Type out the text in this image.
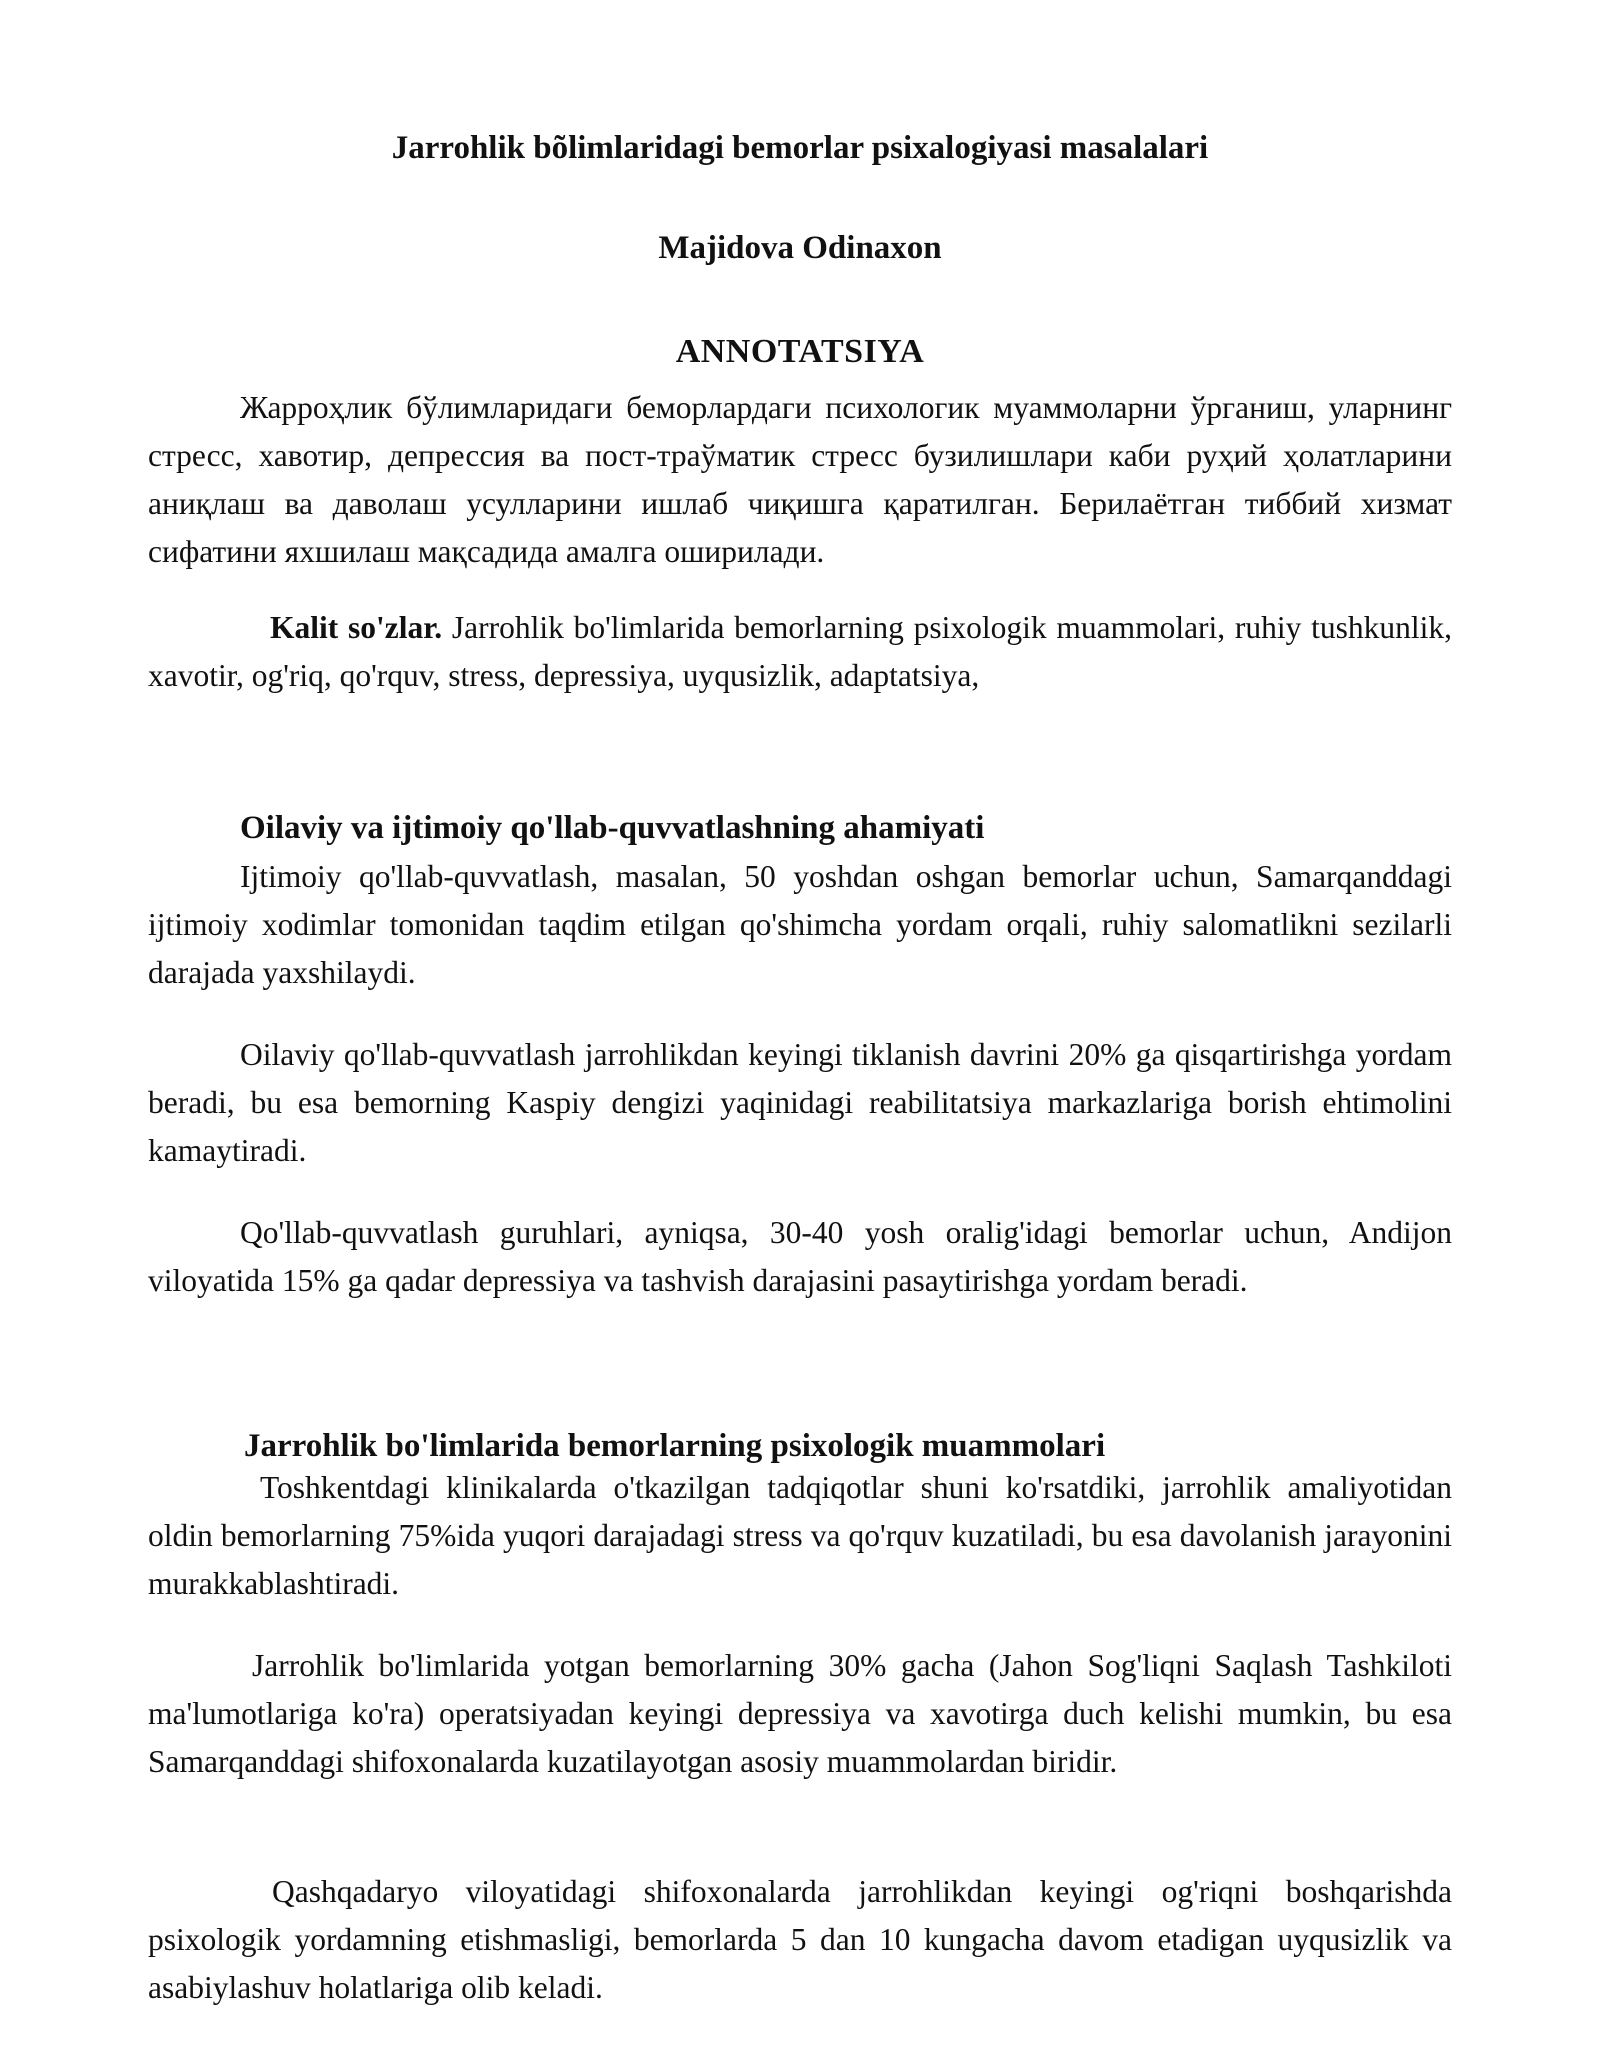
Jarrohlik bõlimlaridagi bemorlar psixalogiyasi masalalari
Majidova Odinaxon
ANNOTATSIYA

Жарроҳлик бўлимларидаги беморлардаги психологик муаммоларни ўрганиш, уларнинг стресс, хавотир, депрессия ва пост-траўматик стресс бузилишлари каби руҳий ҳолатларини аниқлаш ва даволаш усулларини ишлаб чиқишга қаратилган. Берилаётган тиббий хизмат сифатини яхшилаш мақсадида амалга оширилади.

Kalit so'zlar. Jarrohlik bo'limlarida bemorlarning psixologik muammolari, ruhiy tushkunlik, xavotir, og'riq, qo'rquv, stress, depressiya, uyqusizlik, adaptatsiya,

Oilaviy va ijtimoiy qo'llab-quvvatlashning ahamiyati

Ijtimoiy qo'llab-quvvatlash, masalan, 50 yoshdan oshgan bemorlar uchun, Samarqanddagi ijtimoiy xodimlar tomonidan taqdim etilgan qo'shimcha yordam orqali, ruhiy salomatlikni sezilarli darajada yaxshilaydi.

Oilaviy qo'llab-quvvatlash jarrohlikdan keyingi tiklanish davrini 20% ga qisqartirishga yordam beradi, bu esa bemorning Kaspiy dengizi yaqinidagi reabilitatsiya markazlariga borish ehtimolini kamaytiradi.

Qo'llab-quvvatlash guruhlari, ayniqsa, 30-40 yosh oralig'idagi bemorlar uchun, Andijon viloyatida 15% ga qadar depressiya va tashvish darajasini pasaytirishga yordam beradi.

Jarrohlik bo'limlarida bemorlarning psixologik muammolari

Toshkentdagi klinikalarda o'tkazilgan tadqiqotlar shuni ko'rsatdiki, jarrohlik amaliyotidan oldin bemorlarning 75%ida yuqori darajadagi stress va qo'rquv kuzatiladi, bu esa davolanish jarayonini murakkablashtiradi.

Jarrohlik bo'limlarida yotgan bemorlarning 30% gacha (Jahon Sog'liqni Saqlash Tashkiloti ma'lumotlariga ko'ra) operatsiyadan keyingi depressiya va xavotirga duch kelishi mumkin, bu esa Samarqanddagi shifoxonalarda kuzatilayotgan asosiy muammolardan biridir.

Qashqadaryo viloyatidagi shifoxonalarda jarrohlikdan keyingi og'riqni boshqarishda psixologik yordamning etishmasligi, bemorlarda 5 dan 10 kungacha davom etadigan uyqusizlik va asabiylashuv holatlariga olib keladi.
